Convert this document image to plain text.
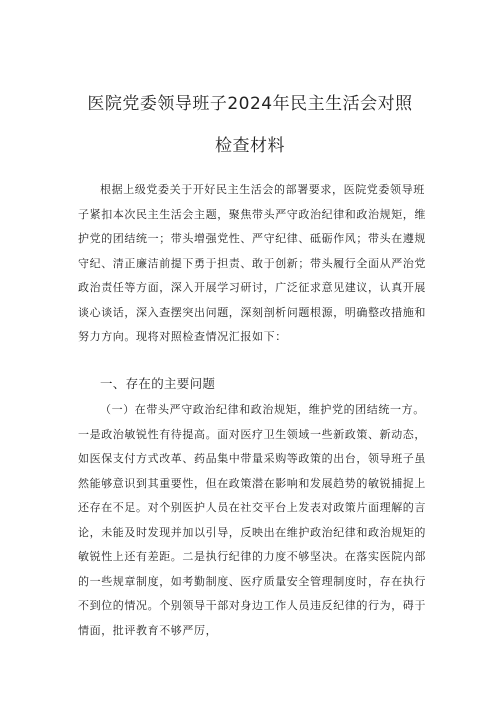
医院党委领导班子2024年民主生活会对照
检查材料
根据上级党委关于开好民主生活会的部署要求，医院党委领导班子紧扣本次民主生活会主题，聚焦带头严守政治纪律和政治规矩，维护党的团结统一；带头增强党性、严守纪律、砥砺作风；带头在遵规守纪、清正廉洁前提下勇于担责、敢于创新；带头履行全面从严治党政治责任等方面，深入开展学习研讨，广泛征求意见建议，认真开展谈心谈话，深入查摆突出问题，深刻剖析问题根源，明确整改措施和努力方向。现将对照检查情况汇报如下：
一、存在的主要问题
（一）在带头严守政治纪律和政治规矩，维护党的团结统一方。一是政治敏锐性有待提高。面对医疗卫生领域一些新政策、新动态，如医保支付方式改革、药品集中带量采购等政策的出台，领导班子虽然能够意识到其重要性，但在政策潜在影响和发展趋势的敏锐捕捉上还存在不足。对个别医护人员在社交平台上发表对政策片面理解的言论，未能及时发现并加以引导，反映出在维护政治纪律和政治规矩的敏锐性上还有差距。二是执行纪律的力度不够坚决。在落实医院内部的一些规章制度，如考勤制度、医疗质量安全管理制度时，存在执行不到位的情况。个别领导干部对身边工作人员违反纪律的行为，碍于情面，批评教育不够严厉，
